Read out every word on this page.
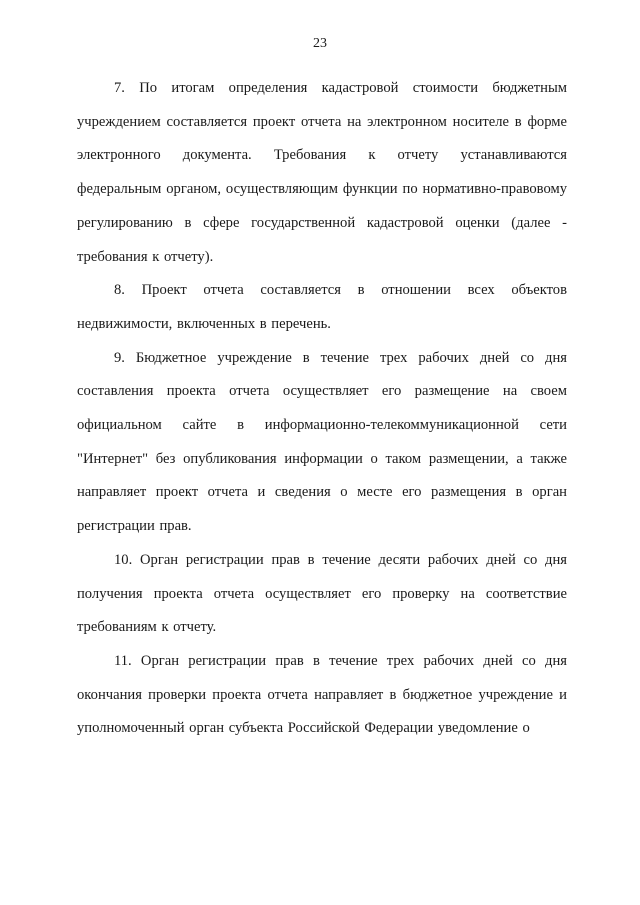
23

7. По итогам определения кадастровой стоимости бюджетным учреждением составляется проект отчета на электронном носителе в форме электронного документа. Требования к отчету устанавливаются федеральным органом, осуществляющим функции по нормативно-правовому регулированию в сфере государственной кадастровой оценки (далее - требования к отчету).

8. Проект отчета составляется в отношении всех объектов недвижимости, включенных в перечень.

9. Бюджетное учреждение в течение трех рабочих дней со дня составления проекта отчета осуществляет его размещение на своем официальном сайте в информационно-телекоммуникационной сети "Интернет" без опубликования информации о таком размещении, а также направляет проект отчета и сведения о месте его размещения в орган регистрации прав.

10. Орган регистрации прав в течение десяти рабочих дней со дня получения проекта отчета осуществляет его проверку на соответствие требованиям к отчету.

11. Орган регистрации прав в течение трех рабочих дней со дня окончания проверки проекта отчета направляет в бюджетное учреждение и уполномоченный орган субъекта Российской Федерации уведомление о
